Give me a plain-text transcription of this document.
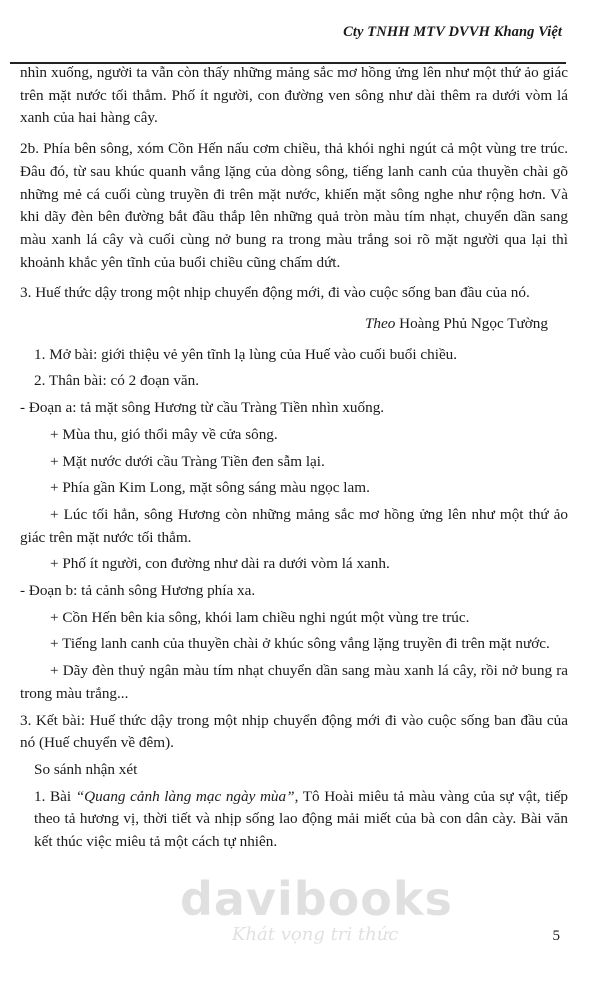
Cty TNHH MTV DVVH Khang Việt

nhìn xuống, người ta vẫn còn thấy những mảng sắc mơ hồng ửng lên như một thứ ảo giác trên mặt nước tối thẳm. Phố ít người, con đường ven sông như dài thêm ra dưới vòm lá xanh của hai hàng cây.

2b. Phía bên sông, xóm Cồn Hến nấu cơm chiều, thả khói nghi ngút cả một vùng tre trúc. Đâu đó, từ sau khúc quanh vắng lặng của dòng sông, tiếng lanh canh của thuyền chài gõ những mẻ cá cuối cùng truyền đi trên mặt nước, khiến mặt sông nghe như rộng hơn. Và khi dãy đèn bên đường bắt đầu thắp lên những quả tròn màu tím nhạt, chuyển dần sang màu xanh lá cây và cuối cùng nở bung ra trong màu trắng soi rõ mặt người qua lại thì khoảnh khắc yên tĩnh của buổi chiều cũng chấm dứt.

3. Huế thức dậy trong một nhịp chuyển động mới, đi vào cuộc sống ban đầu của nó.

Theo Hoàng Phủ Ngọc Tường

1. Mở bài: giới thiệu vẻ yên tĩnh lạ lùng của Huế vào cuối buổi chiều.

2. Thân bài: có 2 đoạn văn.

- Đoạn a: tả mặt sông Hương từ cầu Tràng Tiền nhìn xuống.

+ Mùa thu, gió thổi mây về cửa sông.

+ Mặt nước dưới cầu Tràng Tiền đen sẫm lại.

+ Phía gần Kim Long, mặt sông sáng màu ngọc lam.

+ Lúc tối hẳn, sông Hương còn những mảng sắc mơ hồng ửng lên như một thứ ảo giác trên mặt nước tối thẳm.

+ Phố ít người, con đường như dài ra dưới vòm lá xanh.

- Đoạn b: tả cảnh sông Hương phía xa.

+ Cồn Hến bên kia sông, khói lam chiều nghi ngút một vùng tre trúc.

+ Tiếng lanh canh của thuyền chài ở khúc sông vắng lặng truyền đi trên mặt nước.

+ Dãy đèn thuỷ ngân màu tím nhạt chuyển dần sang màu xanh lá cây, rồi nở bung ra trong màu trắng...

3. Kết bài: Huế thức dậy trong một nhịp chuyển động mới đi vào cuộc sống ban đầu của nó (Huế chuyển về đêm).

So sánh nhận xét

1. Bài “Quang cảnh làng mạc ngày mùa”, Tô Hoài miêu tả màu vàng của sự vật, tiếp theo tả hương vị, thời tiết và nhịp sống lao động mải miết của bà con dân cày. Bài văn kết thúc việc miêu tả một cách tự nhiên.

5
davibooks
Khát vọng tri thức
